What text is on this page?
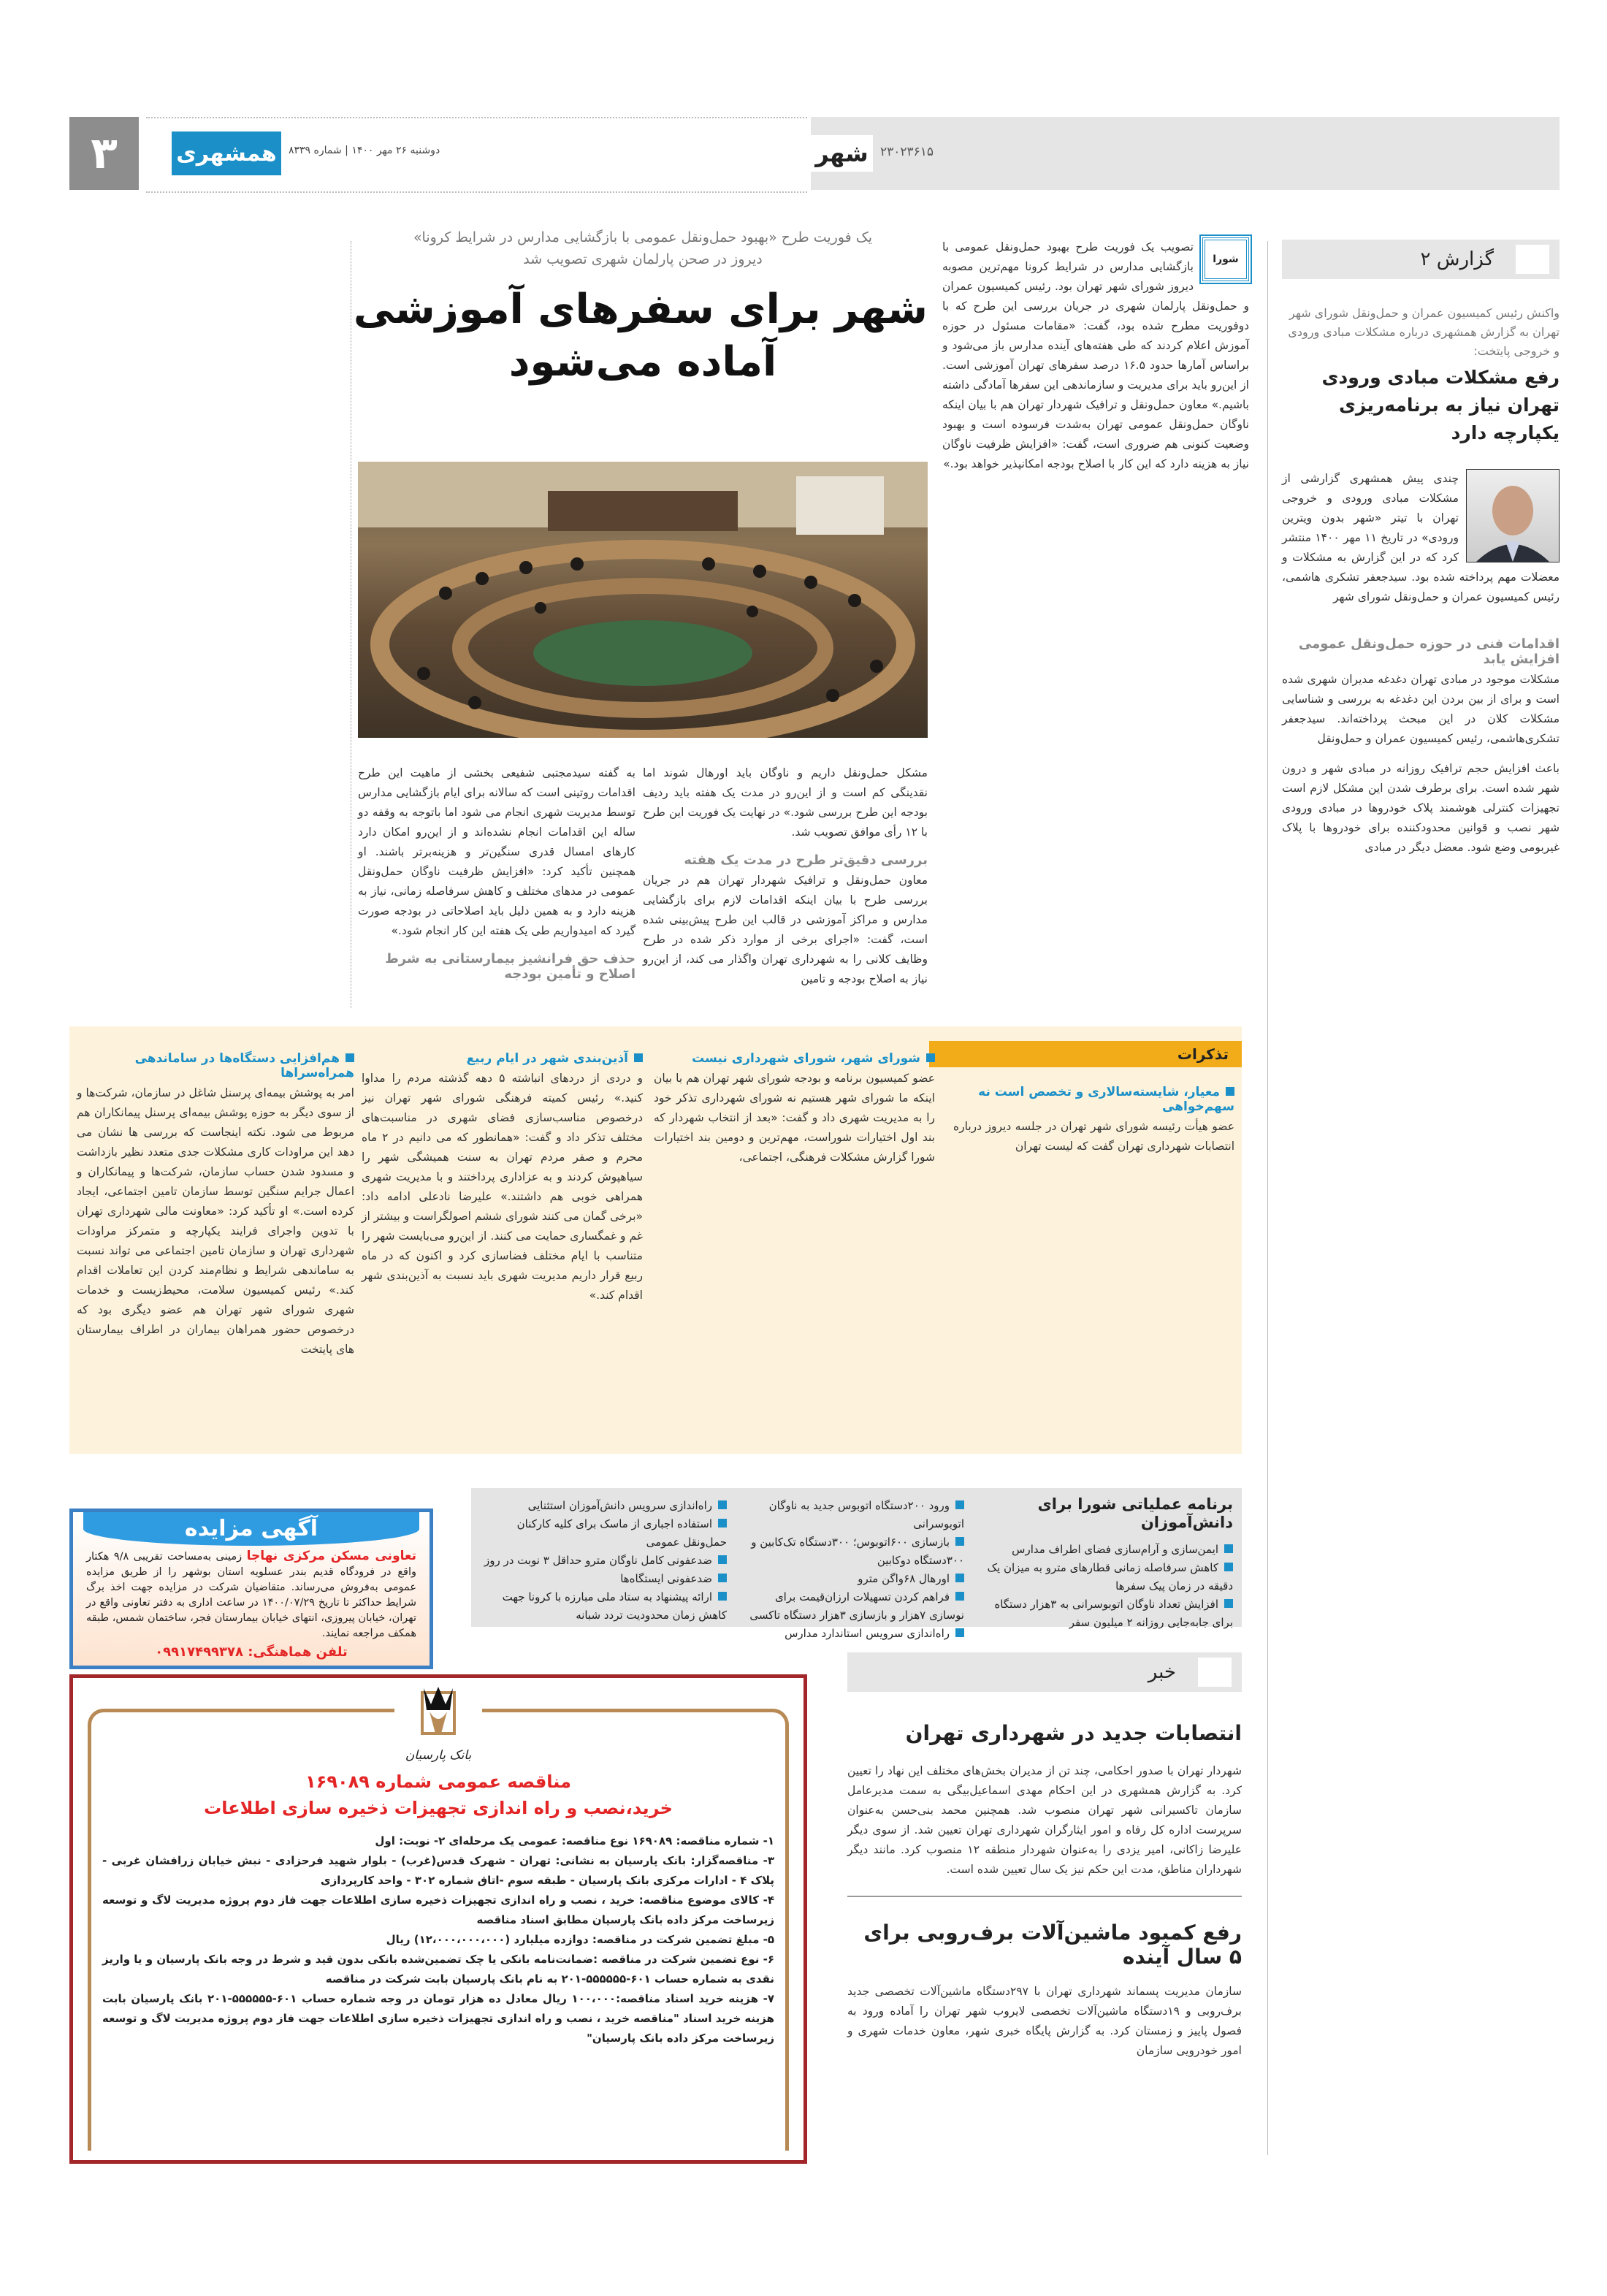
۳	همشهری	دوشنبه ۲۶ مهر ۱۴۰۰ | شماره ۸۳۳۹	شهر ۲۳۰۲۳۶۱۵
شورا
تصویب یک فوریت طرح بهبود حمل‌ونقل عمومی با بازگشایی مدارس در شرایط کرونا مهم‌ترین مصوبه دیروز شورای شهر تهران بود. رئیس کمیسیون عمران و حمل‌ونقل پارلمان شهری در جریان بررسی این طرح که با دوفوریت مطرح شده بود، گفت: «مقامات مسئول در حوزه آموزش اعلام کردند که طی هفته‌های آینده مدارس باز می‌شود و براساس آمارها حدود ۱۶.۵ درصد سفرهای تهران آموزشی است. از این‌رو باید برای مدیریت و سازماندهی این سفرها آمادگی داشته باشیم.» معاون حمل‌ونقل و ترافیک شهردار تهران هم با بیان اینکه ناوگان حمل‌ونقل عمومی تهران به‌شدت فرسوده است و بهبود وضعیت کنونی هم ضروری است، گفت: «افزایش ظرفیت ناوگان نیاز به هزینه دارد که این کار با اصلاح بودجه امکانپذیر خواهد بود.»
یک فوریت طرح «بهبود حمل‌ونقل عمومی با بازگشایی مدارس در شرایط کرونا»
دیروز در صحن پارلمان شهری تصویب شد
شهر برای سفرهای آموزشی
آماده می‌شود
مشکل حمل‌ونقل داریم و ناوگان باید اورهال شوند اما نقدینگی کم است و از این‌رو در مدت یک هفته باید ردیف بودجه این طرح بررسی شود.» در نهایت یک فوریت این طرح با ۱۲ رأی موافق تصویب شد.
بررسی دقیق‌تر طرح در مدت یک هفته
معاون حمل‌ونقل و ترافیک شهردار تهران هم در جریان بررسی طرح با بیان اینکه اقدامات لازم برای بازگشایی مدارس و مراکز آموزشی در قالب این طرح پیش‌بینی شده است، گفت: «اجرای برخی از موارد ذکر شده در طرح وظایف کلانی را به شهرداری تهران واگذار می کند، از این‌رو نیاز به اصلاح بودجه و تامین
به گفته سیدمجتبی شفیعی بخشی از ماهیت این طرح اقدامات روتینی است که سالانه برای ایام بازگشایی مدارس توسط مدیریت شهری انجام می شود اما باتوجه به وقفه دو ساله این اقدامات انجام نشده‌اند و از این‌رو امکان دارد کارهای امسال قدری سنگین‌تر و هزینه‌برتر باشند. او همچنین تأکید کرد: «افزایش ظرفیت ناوگان حمل‌ونقل عمومی در مدهای مختلف و کاهش سرفاصله زمانی، نیاز به هزینه دارد و به همین دلیل باید اصلاحاتی در بودجه صورت گیرد که امیدواریم طی یک هفته این کار انجام شود.»
حذف حق فرانشیز بیمارستانی به شرط اصلاح و تأمین بودجه
تذکرات
معیار، شایسته‌سالاری و تخصص است نه سهم‌خواهی
عضو هیأت رئیسه شورای شهر تهران در جلسه دیروز درباره انتصابات شهرداری تهران گفت که لیست تهران
شورای شهر، شورای شهرداری نیست
عضو کمیسیون برنامه و بودجه شورای شهر تهران هم با بیان اینکه ما شورای شهر هستیم نه شورای شهرداری تذکر خود را به مدیریت شهری داد و گفت: «بعد از انتخاب شهردار که بند اول اختیارات شوراست، مهم‌ترین و دومین بند اختیارات شورا گزارش مشکلات فرهنگی، اجتماعی،
آذین‌بندی شهر در ایام ربیع
و دردی از دردهای انباشته ۵ دهه گذشته مردم را مداوا کنید.» رئیس کمیته فرهنگی شورای شهر تهران نیز درخصوص مناسب‌سازی فضای شهری در مناسبت‌های مختلف تذکر داد و گفت: «همانطور که می دانیم در ۲ ماه محرم و صفر مردم تهران به سنت همیشگی شهر را سیاهپوش کردند و به عزاداری پرداختند و با مدیریت شهری همراهی خوبی هم داشتند.» علیرضا نادعلی ادامه داد: «برخی گمان می کنند شورای ششم اصولگراست و بیشتر از غم و غمگساری حمایت می کنند. از این‌رو می‌بایست شهر را متناسب با ایام مختلف فضاسازی کرد و اکنون که در ماه ربیع قرار داریم مدیریت شهری باید نسبت به آذین‌بندی شهر اقدام کند.»
هم‌افزایی دستگاه‌ها در ساماندهی همراه‌سراها
امر به پوشش بیمه‌ای پرسنل شاغل در سازمان، شرکت‌ها و از سوی دیگر به حوزه پوشش بیمه‌ای پرسنل پیمانکاران هم مربوط می شود. نکته اینجاست که بررسی ها نشان می دهد این مراودات کاری مشکلات جدی متعدد نظیر بازداشت و مسدود شدن حساب سازمان، شرکت‌ها و پیمانکاران و اعمال جرایم سنگین توسط سازمان تامین اجتماعی، ایجاد کرده است.» او تأکید کرد: «معاونت مالی شهرداری تهران با تدوین واجرای فرایند یکپارچه و متمرکز مراودات شهرداری تهران و سازمان تامین اجتماعی می تواند نسبت به ساماندهی شرایط و نظام‌مند کردن این تعاملات اقدام کند.» رئیس کمیسیون سلامت، محیط‌زیست و خدمات شهری شورای شهر تهران هم عضو دیگری بود که درخصوص حضور همراهان بیماران در اطراف بیمارستان های پایتخت
برنامه عملیاتی شورا برای دانش‌آموزان
ایمن‌سازی و آرام‌سازی فضای اطراف مدارس
کاهش سرفاصله زمانی قطارهای مترو به میزان یک دقیقه در زمان پیک سفرها
افزایش تعداد ناوگان اتوبوسرانی به ۳هزار دستگاه برای جابه‌جایی روزانه ۲ میلیون سفر
ورود ۲۰۰دستگاه اتوبوس جدید به ناوگان اتوبوسرانی
بازسازی ۶۰۰اتوبوس؛ ۳۰۰دستگاه تک‌کابین و ۳۰۰دستگاه دوکابین
اورهال ۶۸واگن مترو
فراهم کردن تسهیلات ارزان‌قیمت برای نوسازی ۷هزار و بازسازی ۳هزار دستگاه تاکسی
راه‌اندازی سرویس استاندارد مدارس
راه‌اندازی سرویس دانش‌آموزان استثنایی
استفاده اجباری از ماسک برای کلیه کارکنان حمل‌ونقل عمومی
ضدعفونی کامل ناوگان مترو حداقل ۳ نوبت در روز
ضدعفونی ایستگاه‌ها
ارائه پیشنهاد به ستاد ملی مبارزه با کرونا جهت کاهش زمان محدودیت تردد شبانه
آگهی مزایده
تعاونی مسکن مرکزی نهاجا زمینی به‌مساحت تقریبی ۹/۸ هکتار واقع در فرودگاه قدیم بندر عسلویه استان بوشهر را از طریق مزایده عمومی به‌فروش می‌رساند. متقاضیان شرکت در مزایده جهت اخذ برگ شرایط حداکثر تا تاریخ ۱۴۰۰/۰۷/۲۹ در ساعت اداری به دفتر تعاونی واقع در تهران، خیابان پیروزی، انتهای خیابان بیمارستان فجر، ساختمان شمس، طبقه همکف مراجعه نمایند.
تلفن هماهنگی: ۰۹۹۱۷۴۹۹۳۷۸
بانک پارسیان
مناقصه عمومی شماره ۱۶۹۰۸۹
خرید،نصب و راه اندازی تجهیزات ذخیره سازی اطلاعات
۱- شماره مناقصه: ۱۶۹۰۸۹ نوع مناقصه: عمومی یک مرحله‌ای ۲- نوبت: اول
۳- مناقصه‌گزار: بانک پارسیان به نشانی: تهران - شهرک قدس(غرب) - بلوار شهید فرحزادی - نبش خیابان زرافشان غربی - پلاک ۴ - ادارات مرکزی بانک پارسیان - طبقه سوم -اتاق شماره ۳۰۲ - واحد کارپردازی
۴- کالای موضوع مناقصه: خرید ، نصب و راه اندازی تجهیزات ذخیره سازی اطلاعات جهت فاز دوم پروژه مدیریت لاگ و توسعه زیرساخت مرکز داده بانک پارسیان مطابق اسناد مناقصه
۵- مبلغ تضمین شرکت در مناقصه: دوازده میلیارد (۱۲،۰۰۰،۰۰۰،۰۰۰) ریال
۶- نوع تضمین شرکت در مناقصه :ضمانت‌نامه بانکی یا چک تضمین‌شده بانکی بدون قید و شرط در وجه بانک پارسیان و یا واریز نقدی به شماره حساب ۶۰۱-۵۵۵۵۵۵-۲۰۱ به نام بانک پارسیان بابت شرکت در مناقصه
۷- هزینه خرید اسناد مناقصه:۱۰۰،۰۰۰ ریال معادل ده هزار تومان در وجه شماره حساب ۶۰۱-۵۵۵۵۵۵-۲۰۱ بانک پارسیان بابت هزینه خرید اسناد "مناقصه خرید ، نصب و راه اندازی تجهیزات ذخیره سازی اطلاعات جهت فاز دوم پروژه مدیریت لاگ و توسعه زیرساخت مرکز داده بانک پارسیان"
خبر
انتصابات جدید در شهرداری تهران
شهردار تهران با صدور احکامی، چند تن از مدیران بخش‌های مختلف این نهاد را تعیین کرد. به گزارش همشهری در این احکام مهدی اسماعیل‌بیگی به سمت مدیرعامل سازمان تاکسیرانی شهر تهران منصوب شد. همچنین محمد بنی‌حسن به‌عنوان سرپرست اداره کل رفاه و امور ایثارگران شهرداری تهران تعیین شد. از سوی دیگر علیرضا زاکانی، امیر یزدی را به‌عنوان شهردار منطقه ۱۲ منصوب کرد. مانند دیگر شهرداران مناطق، مدت این حکم نیز یک سال تعیین شده است.
رفع کمبود ماشین‌آلات برف‌روبی برای ۵ سال آینده
سازمان مدیریت پسماند شهرداری تهران با ۲۹۷دستگاه ماشین‌آلات تخصصی جدید برف‌روبی و ۱۹دستگاه ماشین‌آلات تخصصی لایروب شهر تهران را آماده ورود به فصول پاییز و زمستان کرد. به گزارش پایگاه خبری شهر، معاون خدمات شهری و امور خودرویی سازمان
گزارش ۲
واکنش رئیس کمیسیون عمران و حمل‌ونقل شورای شهر تهران به گزارش همشهری درباره مشکلات مبادی ورودی و خروجی پایتخت:
رفع مشکلات مبادی ورودی تهران نیاز به برنامه‌ریزی یکپارچه دارد
چندی پیش همشهری گزارشی از مشکلات مبادی ورودی و خروجی تهران با تیتر «شهر بدون ویترین ورودی» در تاریخ ۱۱ مهر ۱۴۰۰ منتشر کرد که در این گزارش به مشکلات و معضلات مهم پرداخته شده بود. سیدجعفر تشکری هاشمی، رئیس کمیسیون عمران و حمل‌ونقل شورای شهر
اقدامات فنی در حوزه حمل‌ونقل عمومی افزایش یابد
مشکلات موجود در مبادی تهران دغدغه مدیران شهری شده است و برای از بین بردن این دغدغه به بررسی و شناسایی مشکلات کلان در این مبحث پرداخته‌اند. سیدجعفر تشکری‌هاشمی، رئیس کمیسیون عمران و حمل‌ونقل
باعث افزایش حجم ترافیک روزانه در مبادی شهر و درون شهر شده است. برای برطرف شدن این مشکل لازم است تجهیزات کنترلی هوشمند پلاک خودروها در مبادی ورودی شهر نصب و قوانین محدودکننده برای خودروها با پلاک غیربومی وضع شود. معضل دیگر در مبادی
